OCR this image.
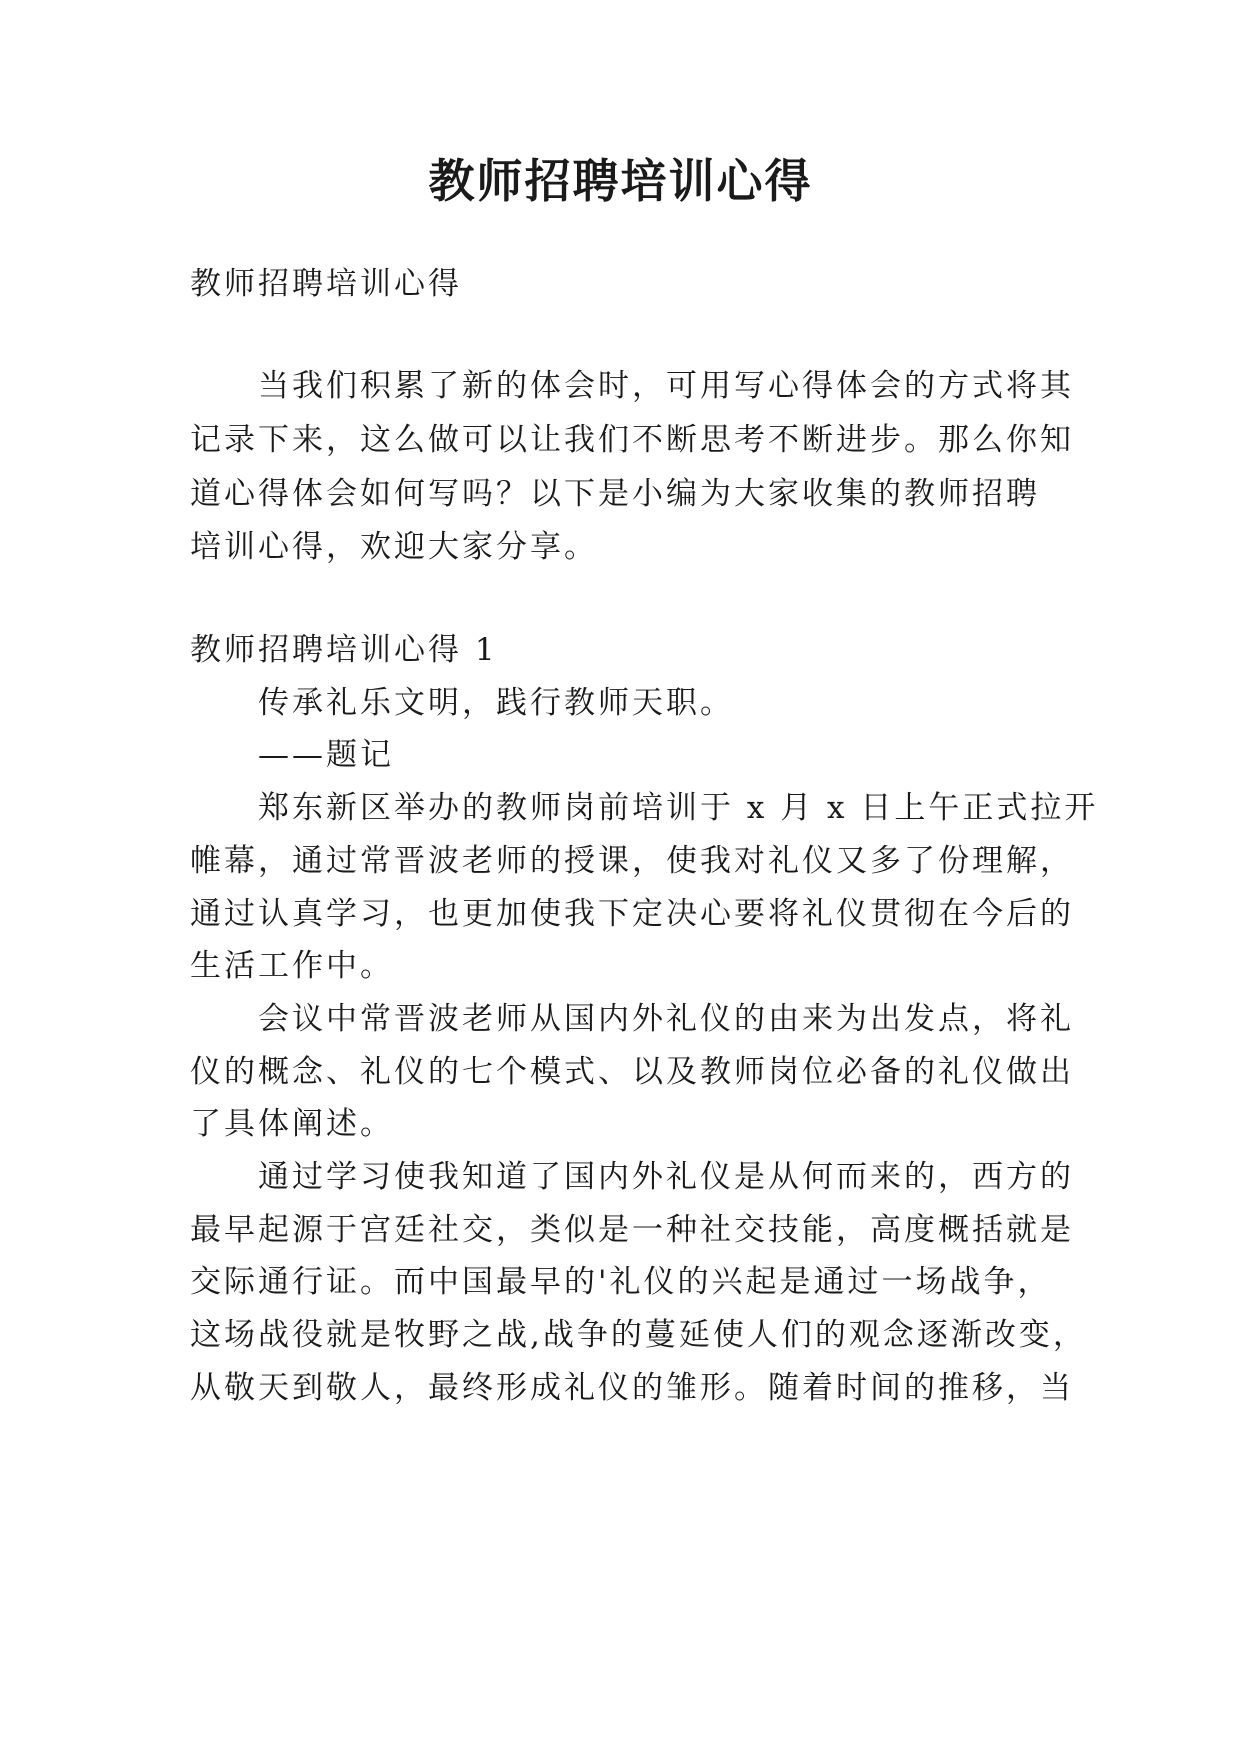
教师招聘培训心得
教师招聘培训心得
当我们积累了新的体会时，可用写心得体会的方式将其
记录下来，这么做可以让我们不断思考不断进步。那么你知
道心得体会如何写吗？以下是小编为大家收集的教师招聘
培训心得，欢迎大家分享。
教师招聘培训心得 1
传承礼乐文明，践行教师天职。
——题记
郑东新区举办的教师岗前培训于 x 月 x 日上午正式拉开
帷幕，通过常晋波老师的授课，使我对礼仪又多了份理解，
通过认真学习，也更加使我下定决心要将礼仪贯彻在今后的
生活工作中。
会议中常晋波老师从国内外礼仪的由来为出发点，将礼
仪的概念、礼仪的七个模式、以及教师岗位必备的礼仪做出
了具体阐述。
通过学习使我知道了国内外礼仪是从何而来的，西方的
最早起源于宫廷社交，类似是一种社交技能，高度概括就是
交际通行证。而中国最早的'礼仪的兴起是通过一场战争，
这场战役就是牧野之战,战争的蔓延使人们的观念逐渐改变，
从敬天到敬人，最终形成礼仪的雏形。随着时间的推移，当
